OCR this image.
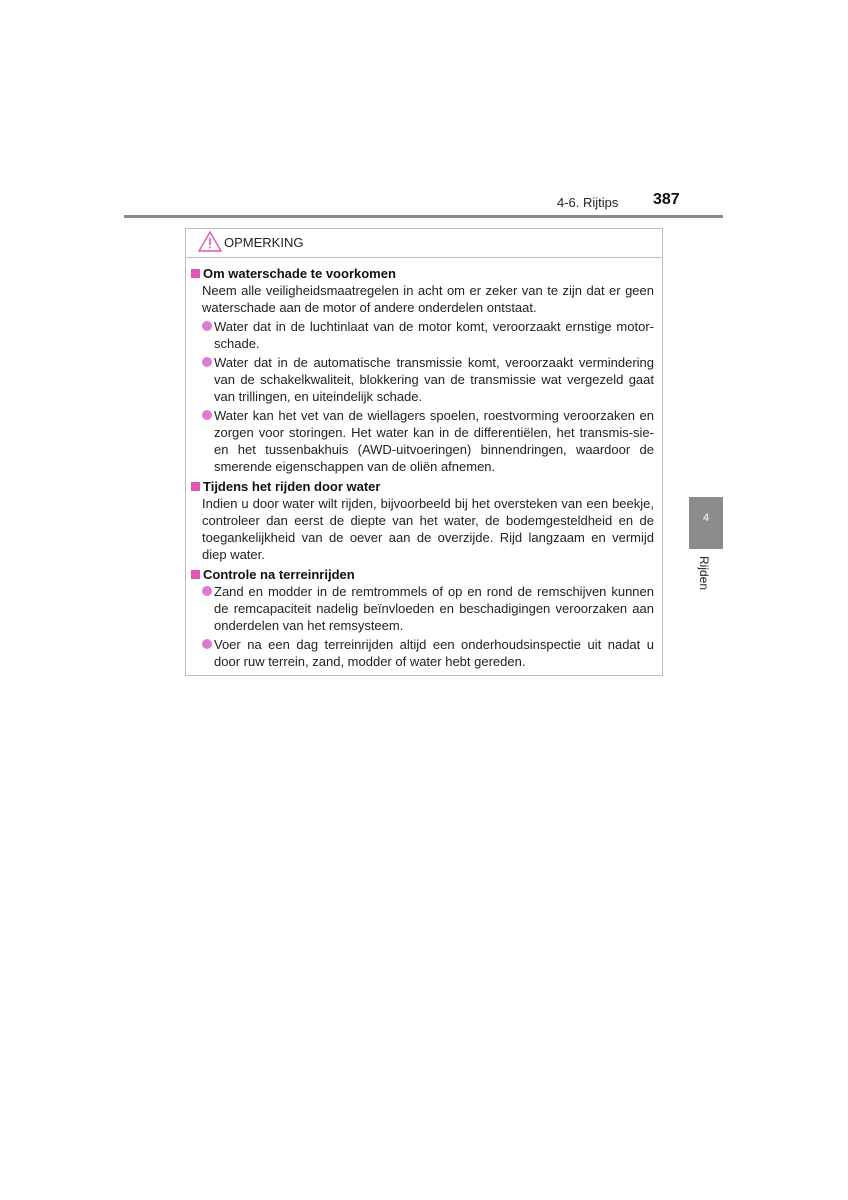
4-6. Rijtips 387
4
Rijden
OPMERKING
Om waterschade te voorkomen
Neem alle veiligheidsmaatregelen in acht om er zeker van te zijn dat er geen waterschade aan de motor of andere onderdelen ontstaat.
Water dat in de luchtinlaat van de motor komt, veroorzaakt ernstige motor-schade.
Water dat in de automatische transmissie komt, veroorzaakt vermindering van de schakelkwaliteit, blokkering van de transmissie wat vergezeld gaat van trillingen, en uiteindelijk schade.
Water kan het vet van de wiellagers spoelen, roestvorming veroorzaken en zorgen voor storingen. Het water kan in de differentiëlen, het transmis-sie- en het tussenbakhuis (AWD-uitvoeringen) binnendringen, waardoor de smerende eigenschappen van de oliën afnemen.
Tijdens het rijden door water
Indien u door water wilt rijden, bijvoorbeeld bij het oversteken van een beekje, controleer dan eerst de diepte van het water, de bodemgesteldheid en de toegankelijkheid van de oever aan de overzijde. Rijd langzaam en vermijd diep water.
Controle na terreinrijden
Zand en modder in de remtrommels of op en rond de remschijven kunnen de remcapaciteit nadelig beïnvloeden en beschadigingen veroorzaken aan onderdelen van het remsysteem.
Voer na een dag terreinrijden altijd een onderhoudsinspectie uit nadat u door ruw terrein, zand, modder of water hebt gereden.
